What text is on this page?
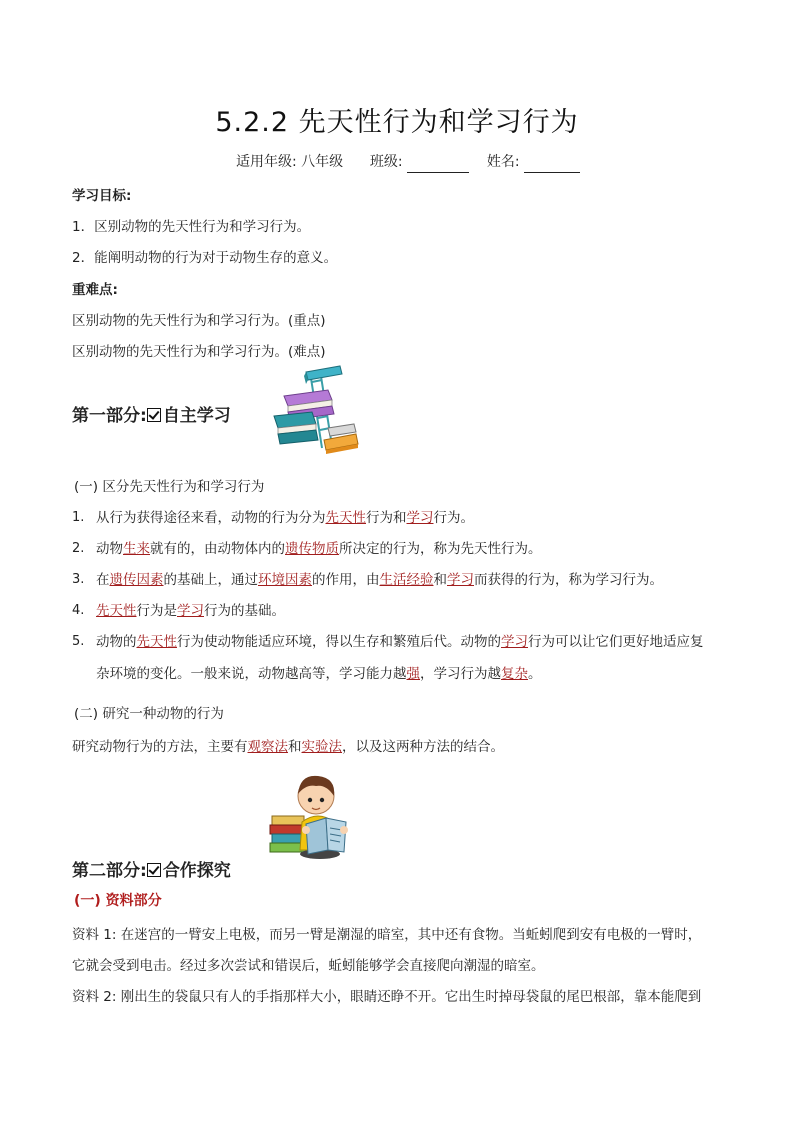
5.2.2 先天性行为和学习行为
适用年级: 八年级 班级:	姓名:
学习目标:
1．区别动物的先天性行为和学习行为。
2．能阐明动物的行为对于动物生存的意义。
重难点:
区别动物的先天性行为和学习行为。(重点)
区别动物的先天性行为和学习行为。(难点)
第一部分: 自主学习
(一) 区分先天性行为和学习行为
1. 从行为获得途径来看，动物的行为分为先天性行为和学习行为。
2. 动物生来就有的，由动物体内的遗传物质所决定的行为，称为先天性行为。
3. 在遗传因素的基础上，通过环境因素的作用，由生活经验和学习而获得的行为，称为学习行为。
4. 先天性行为是学习行为的基础。
5. 动物的先天性行为使动物能适应环境，得以生存和繁殖后代。动物的学习行为可以让它们更好地适应复
杂环境的变化。一般来说，动物越高等，学习能力越强，学习行为越复杂。
(二) 研究一种动物的行为
研究动物行为的方法，主要有观察法和实验法，以及这两种方法的结合。
第二部分: 合作探究
(一) 资料部分
资料 1: 在迷宫的一臂安上电极，而另一臂是潮湿的暗室，其中还有食物。当蚯蚓爬到安有电极的一臂时，
它就会受到电击。经过多次尝试和错误后，蚯蚓能够学会直接爬向潮湿的暗室。
资料 2: 刚出生的袋鼠只有人的手指那样大小，眼睛还睁不开。它出生时掉母袋鼠的尾巴根部，靠本能爬到
